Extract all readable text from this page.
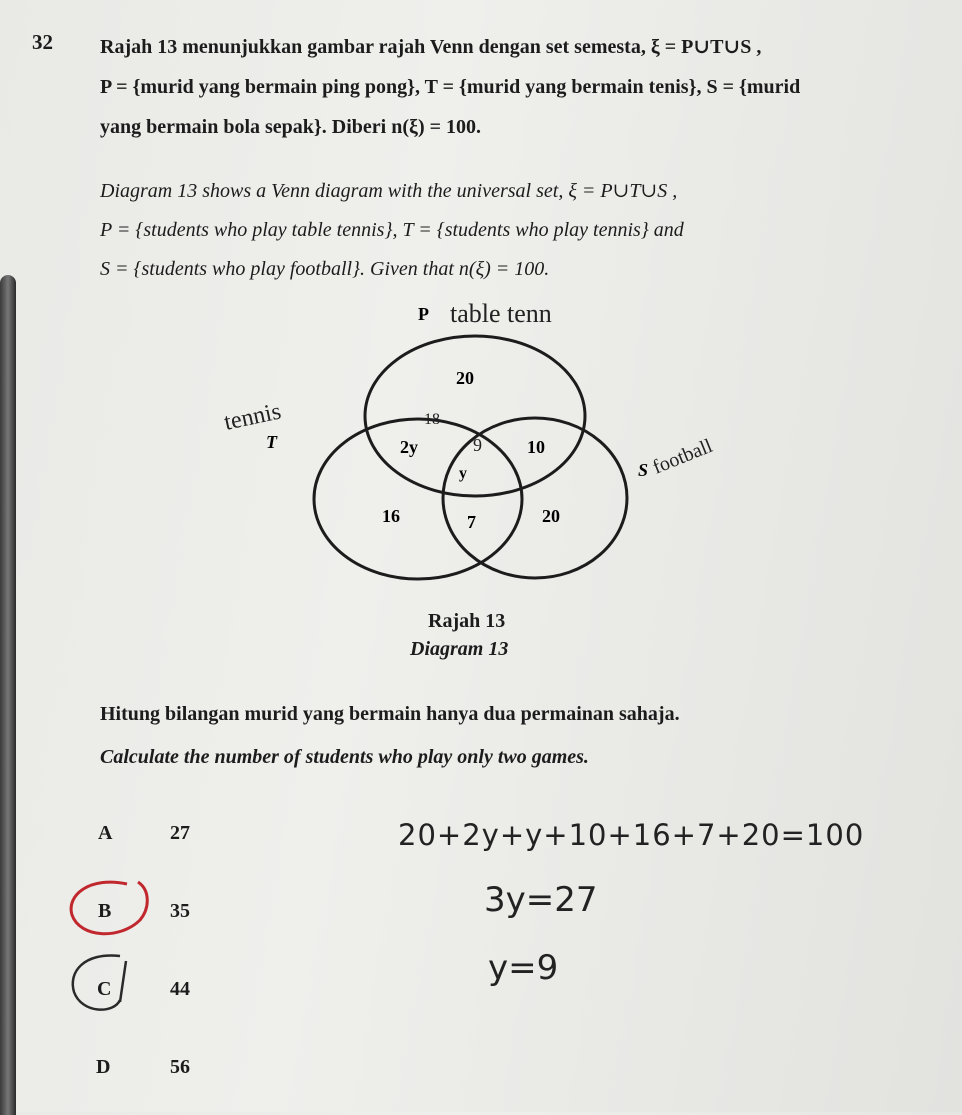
32 Rajah 13 menunjukkan gambar rajah Venn dengan set semesta, ξ = P∪T∪S ,
P = {murid yang bermain ping pong}, T = {murid yang bermain tenis}, S = {murid
yang bermain bola sepak}. Diberi n(ξ) = 100.
Diagram 13 shows a Venn diagram with the universal set, ξ = P∪T∪S ,
P = {students who play table tennis}, T = {students who play tennis} and
S = {students who play football}. Given that n(ξ) = 100.
P
T
S
20
2y	10
y
16	7	20
table tenn
tennis
football
18
9
Rajah 13
Diagram 13
Hitung bilangan murid yang bermain hanya dua permainan sahaja.
Calculate the number of students who play only two games.
A	27
B	35
C	44
D	56
20+2y+y+10+16+7+20=100
3y=27
y=9
